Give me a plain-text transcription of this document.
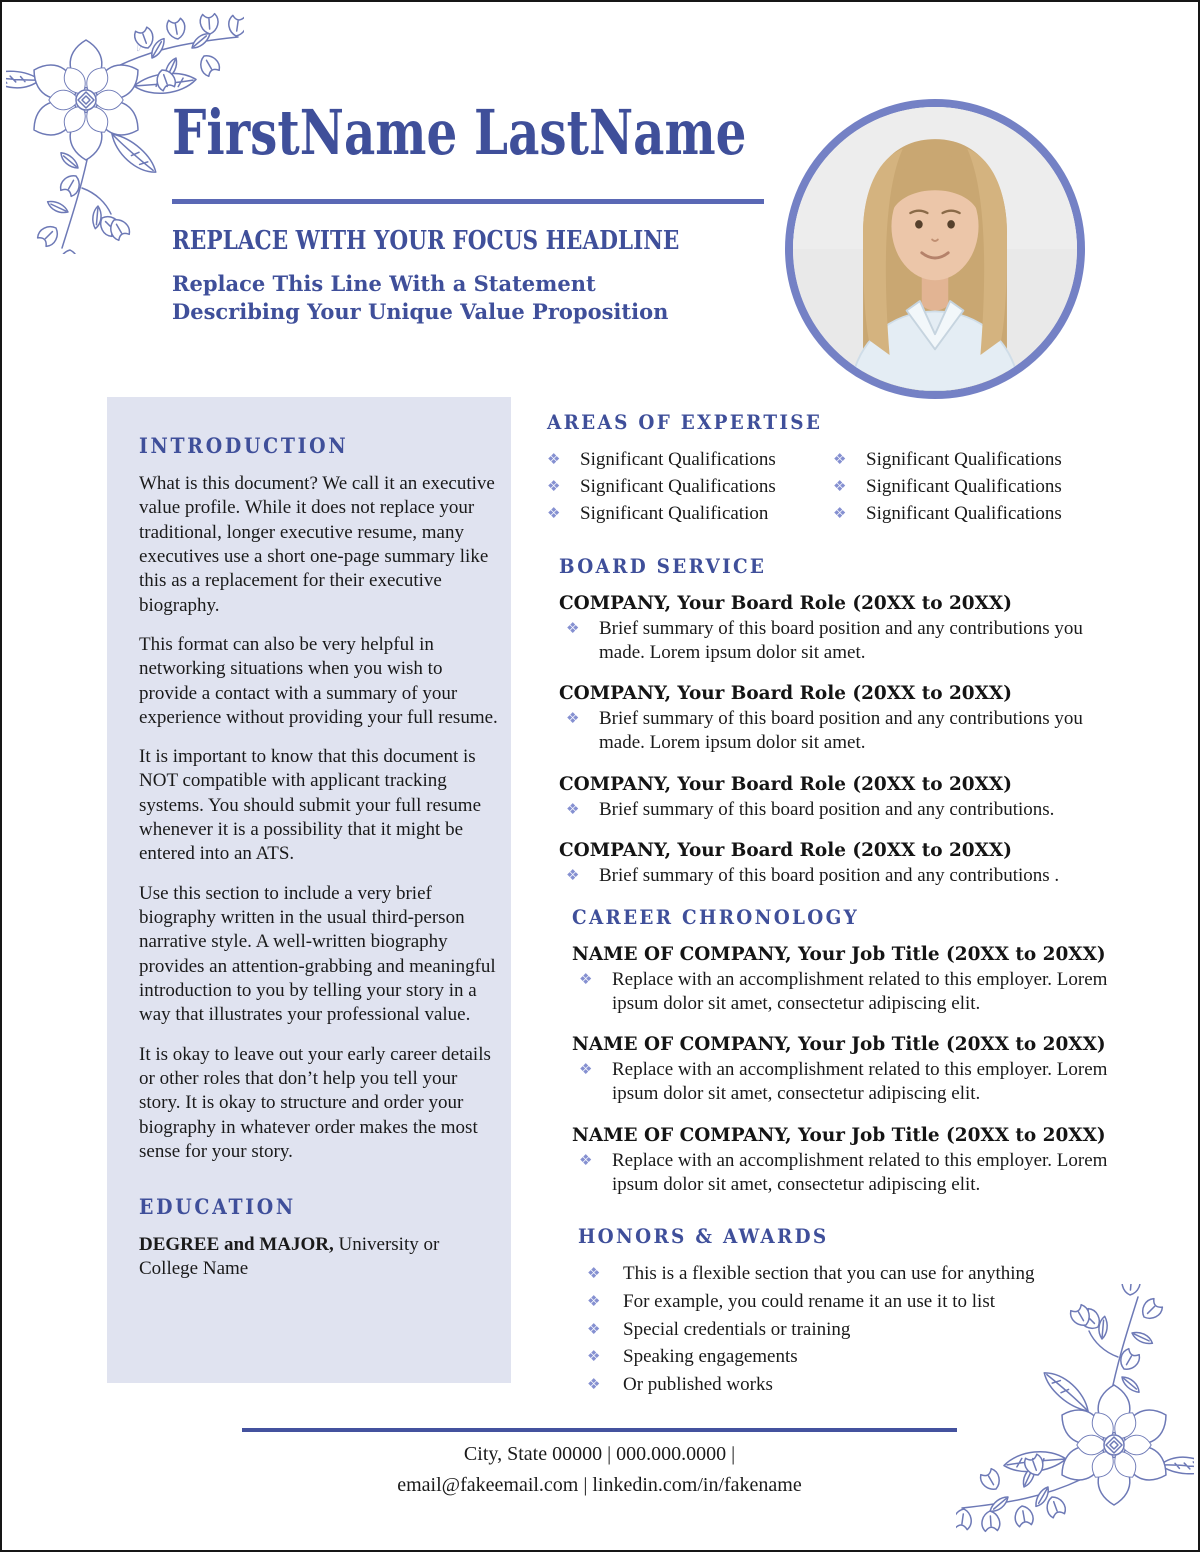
FirstName LastName
REPLACE WITH YOUR FOCUS HEADLINE
Replace This Line With a Statement Describing Your Unique Value Proposition
INTRODUCTION

What is this document? We call it an executive value profile. While it does not replace your traditional, longer executive resume, many executives use a short one-page summary like this as a replacement for their executive biography.

This format can also be very helpful in networking situations when you wish to provide a contact with a summary of your experience without providing your full resume.

It is important to know that this document is NOT compatible with applicant tracking systems. You should submit your full resume whenever it is a possibility that it might be entered into an ATS.

Use this section to include a very brief biography written in the usual third-person narrative style. A well-written biography provides an attention-grabbing and meaningful introduction to you by telling your story in a way that illustrates your professional value.

It is okay to leave out your early career details or other roles that don’t help you tell your story. It is okay to structure and order your biography in whatever order makes the most sense for your story.

EDUCATION
DEGREE and MAJOR, University or College Name
AREAS OF EXPERTISE
❖	Significant Qualifications
❖	Significant Qualifications
❖	Significant Qualification
❖	Significant Qualifications
❖	Significant Qualifications
❖	Significant Qualifications
BOARD SERVICE
COMPANY, Your Board Role (20XX to 20XX)
❖	Brief summary of this board position and any contributions you made. Lorem ipsum dolor sit amet.
COMPANY, Your Board Role (20XX to 20XX)
❖	Brief summary of this board position and any contributions you made. Lorem ipsum dolor sit amet.
COMPANY, Your Board Role (20XX to 20XX)
❖	Brief summary of this board position and any contributions.
COMPANY, Your Board Role (20XX to 20XX)
❖	Brief summary of this board position and any contributions .
CAREER CHRONOLOGY
NAME OF COMPANY, Your Job Title (20XX to 20XX)
❖	Replace with an accomplishment related to this employer. Lorem ipsum dolor sit amet, consectetur adipiscing elit.
NAME OF COMPANY, Your Job Title (20XX to 20XX)
❖	Replace with an accomplishment related to this employer. Lorem ipsum dolor sit amet, consectetur adipiscing elit.
NAME OF COMPANY, Your Job Title (20XX to 20XX)
❖	Replace with an accomplishment related to this employer. Lorem ipsum dolor sit amet, consectetur adipiscing elit.
HONORS & AWARDS
❖	This is a flexible section that you can use for anything
❖	For example, you could rename it an use it to list
❖	Special credentials or training
❖	Speaking engagements
❖	Or published works
City, State 00000 | 000.000.0000 |
email@fakeemail.com | linkedin.com/in/fakename
